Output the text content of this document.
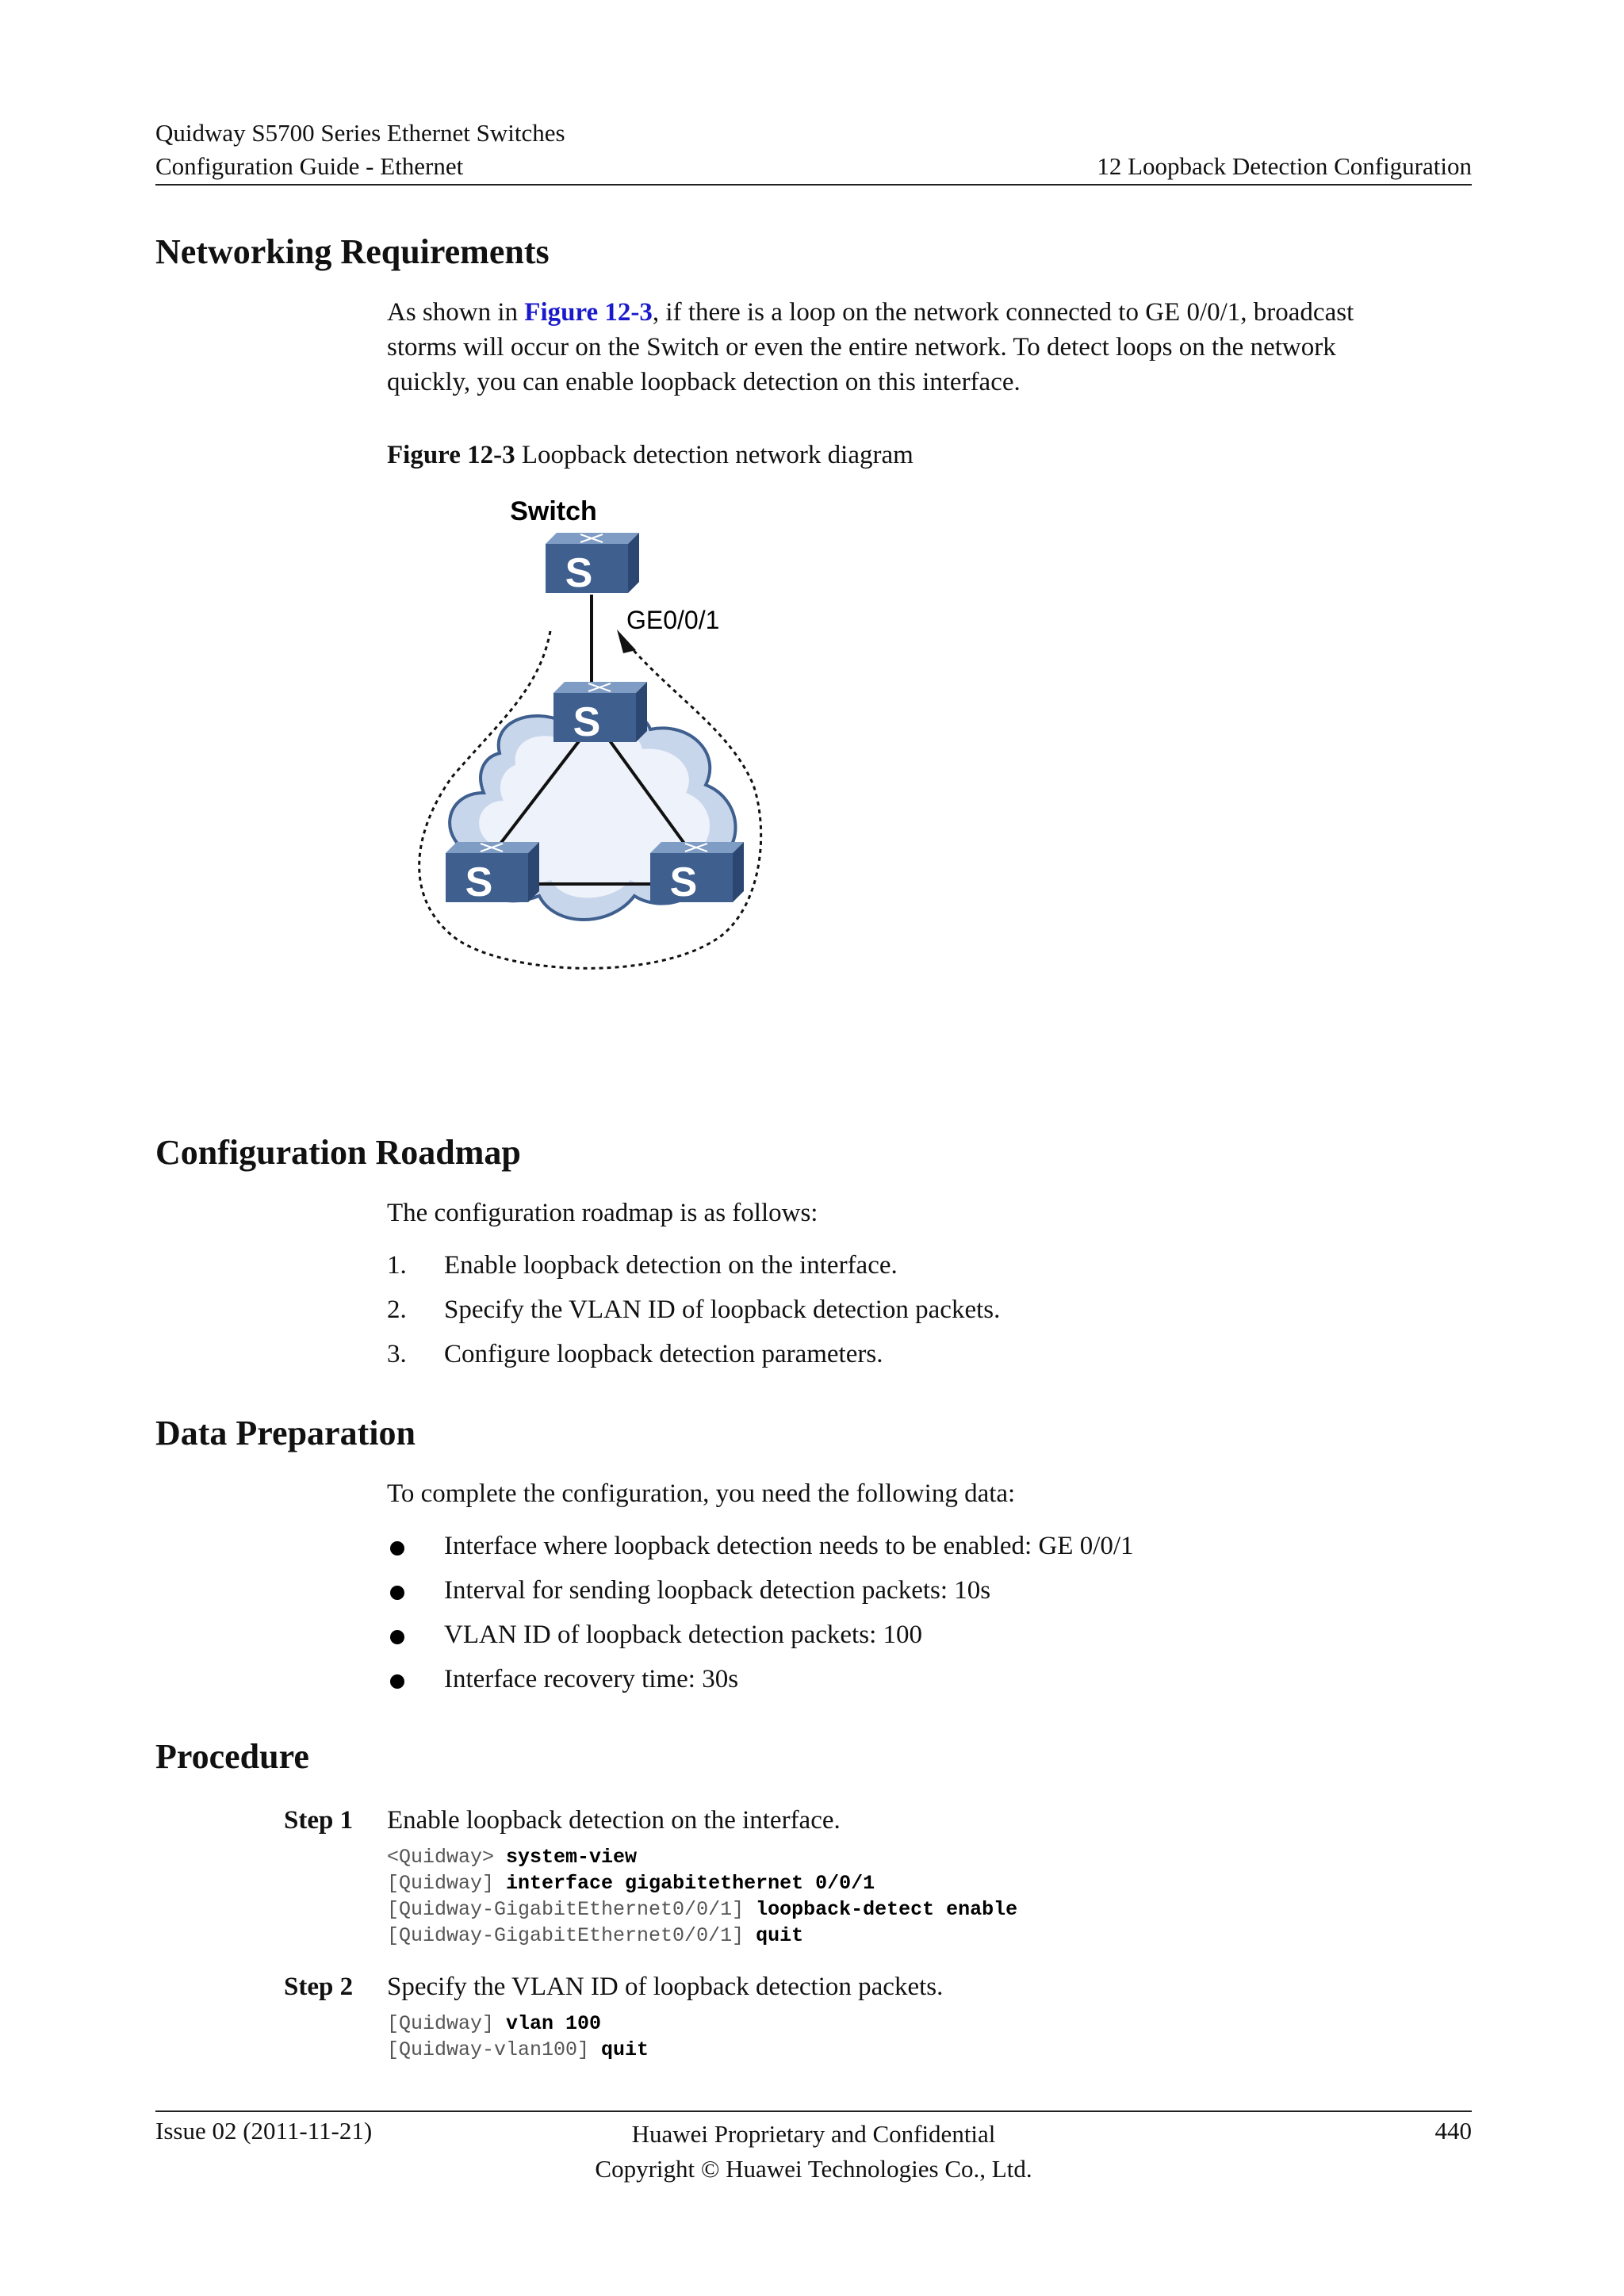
Quidway S5700 Series Ethernet Switches
Configuration Guide - Ethernet	12 Loopback Detection Configuration
Networking Requirements
As shown in Figure 12-3, if there is a loop on the network connected to GE 0/0/1, broadcast
storms will occur on the Switch or even the entire network. To detect loops on the network
quickly, you can enable loopback detection on this interface.
Figure 12-3 Loopback detection network diagram
Switch
S
GE0/0/1
S
S	S
Configuration Roadmap
The configuration roadmap is as follows:
1. Enable loopback detection on the interface.
2. Specify the VLAN ID of loopback detection packets.
3. Configure loopback detection parameters.
Data Preparation
To complete the configuration, you need the following data:
Interface where loopback detection needs to be enabled: GE 0/0/1
Interval for sending loopback detection packets: 10s
VLAN ID of loopback detection packets: 100
Interface recovery time: 30s
Procedure
Step 1 Enable loopback detection on the interface.
<Quidway> system-view
[Quidway] interface gigabitethernet 0/0/1
[Quidway-GigabitEthernet0/0/1] loopback-detect enable
[Quidway-GigabitEthernet0/0/1] quit
Step 2 Specify the VLAN ID of loopback detection packets.
[Quidway] vlan 100
[Quidway-vlan100] quit
Issue 02 (2011-11-21)	Huawei Proprietary and Confidential
Copyright © Huawei Technologies Co., Ltd.
440
